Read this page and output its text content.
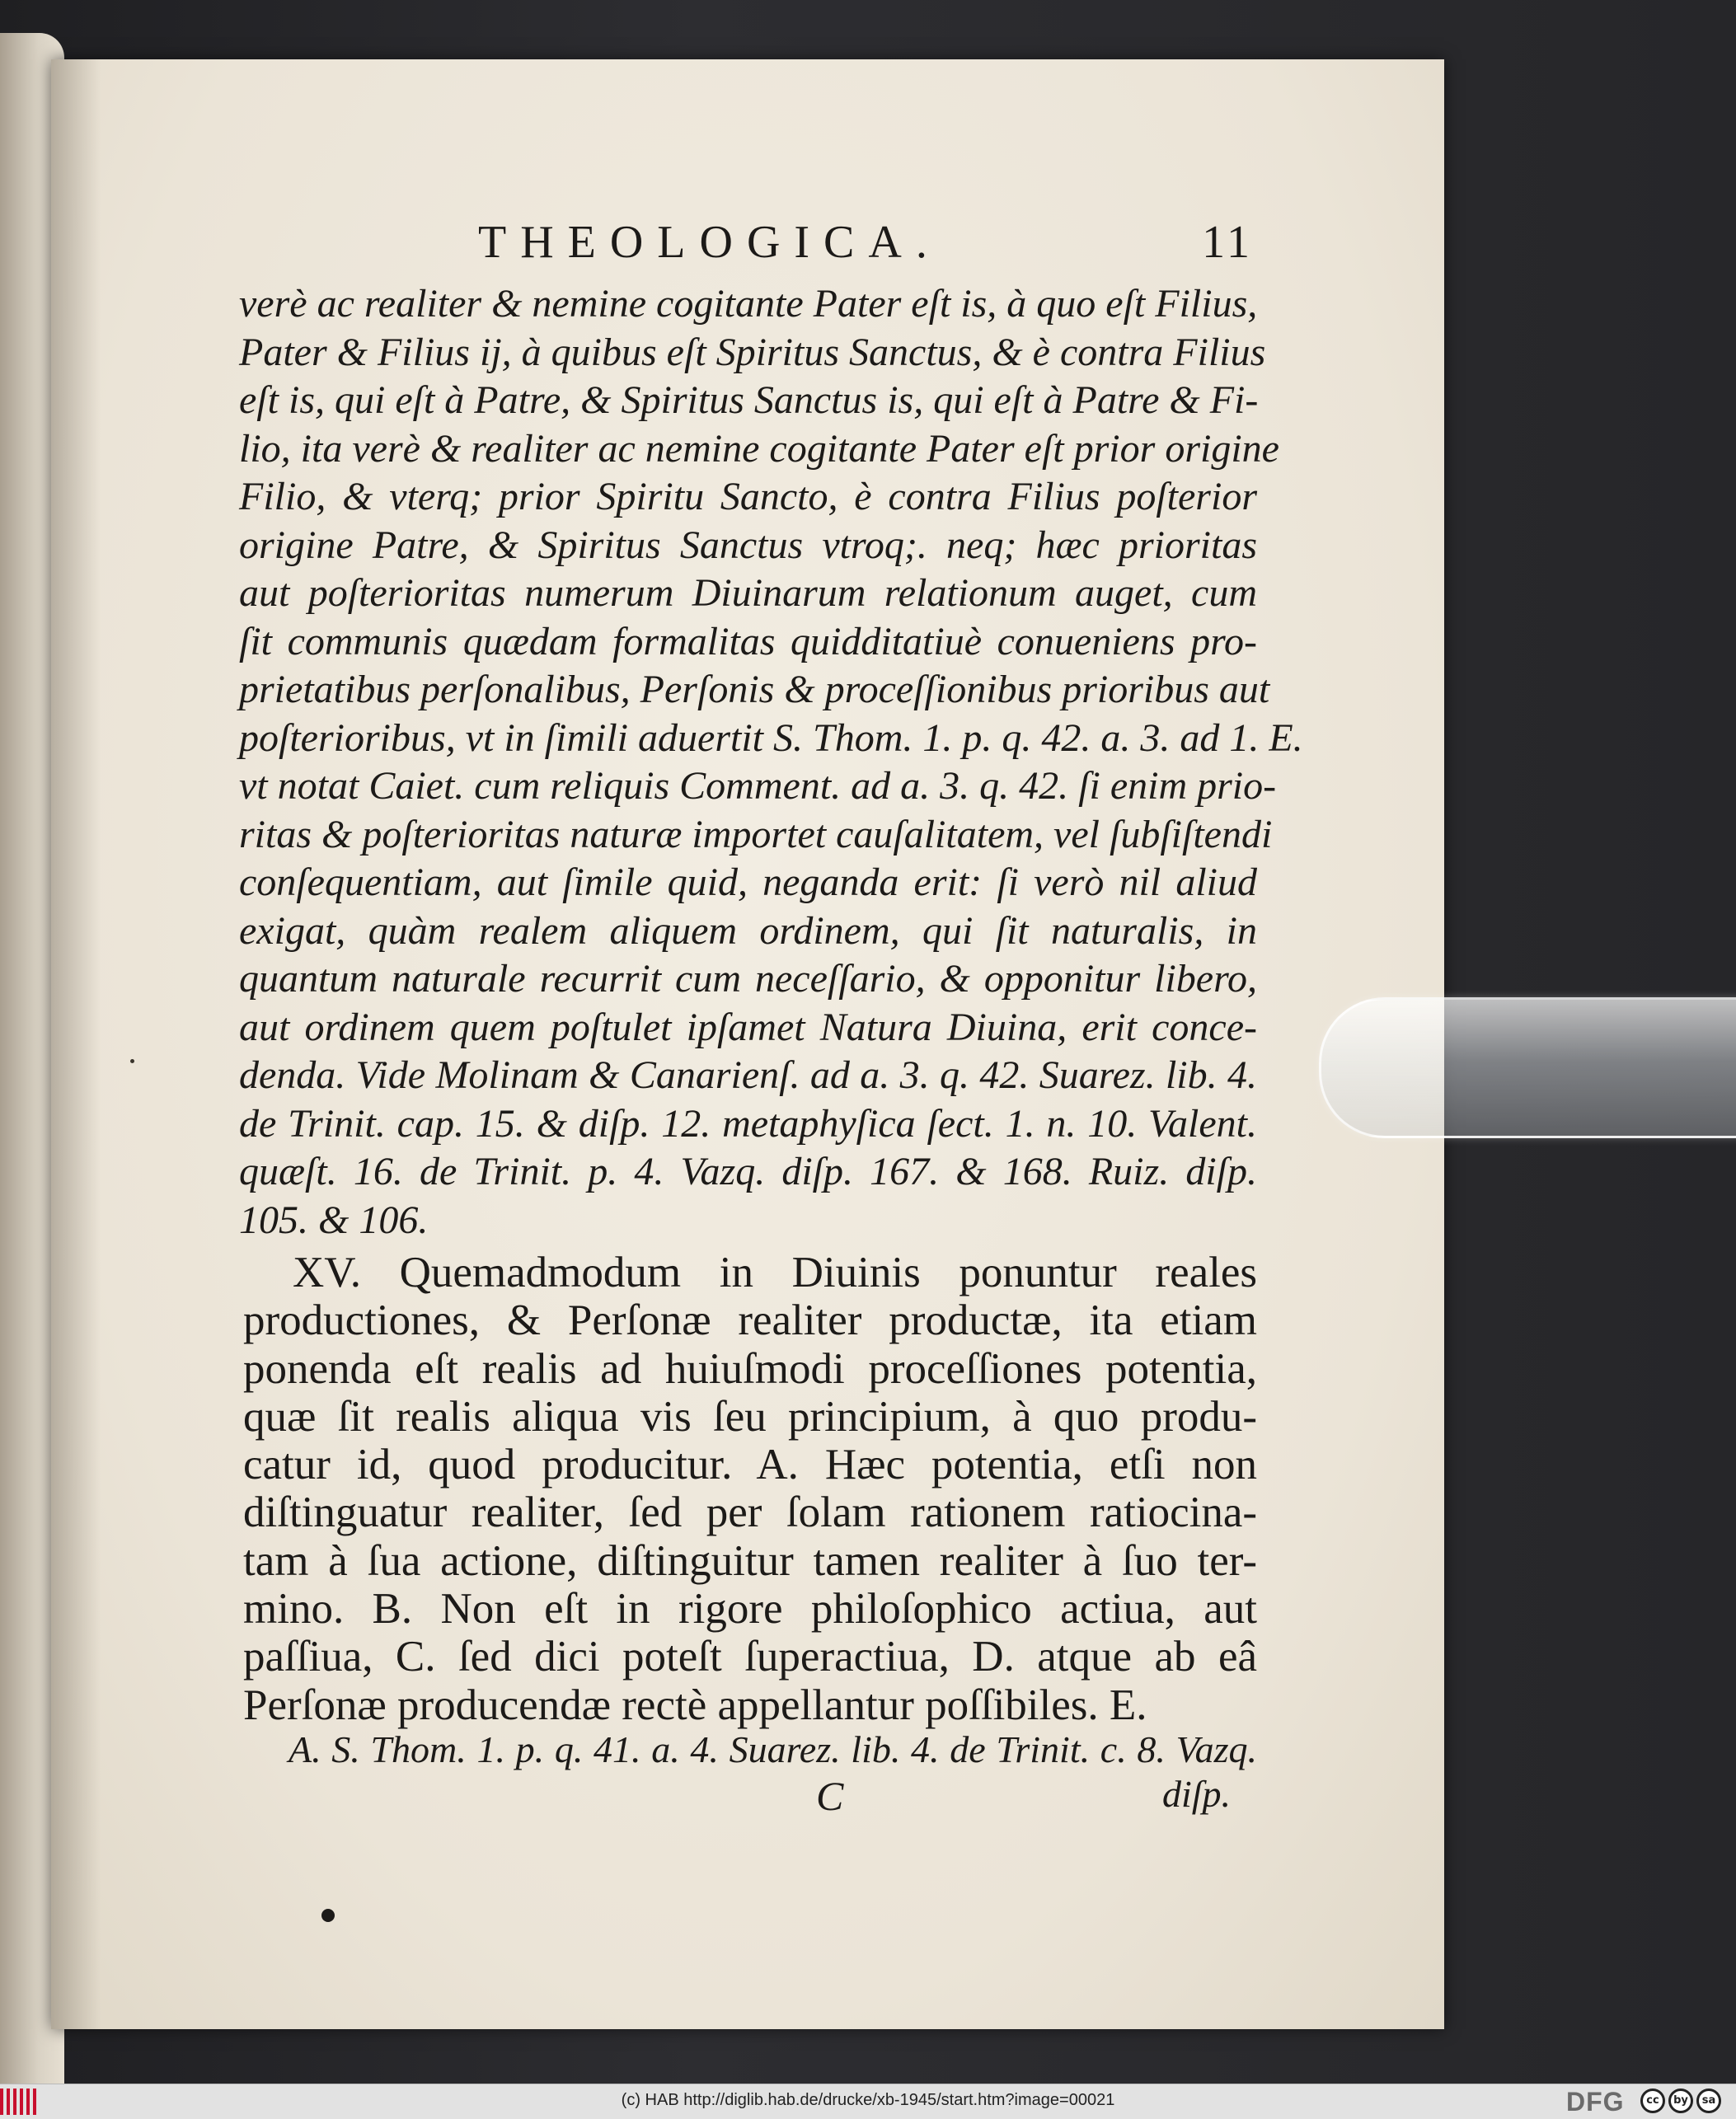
THEOLOGICA.	11
verè ac realiter & nemine cogitante Pater eſt is, à quo eſt Filius,
Pater & Filius ij, à quibus eſt Spiritus Sanctus, & è contra Filius
eſt is, qui eſt à Patre, & Spiritus Sanctus is, qui eſt à Patre & Fi-
lio, ita verè & realiter ac nemine cogitante Pater eſt prior origine
Filio, & vterq; prior Spiritu Sancto, è contra Filius poſterior
origine Patre, & Spiritus Sanctus vtroq;. neq; hæc prioritas
aut poſterioritas numerum Diuinarum relationum auget, cum
ſit communis quædam formalitas quidditatiuè conueniens pro-
prietatibus perſonalibus, Perſonis & proceſſionibus prioribus aut
poſterioribus, vt in ſimili aduertit S. Thom. 1. p. q. 42. a. 3. ad 1. E.
vt notat Caiet. cum reliquis Comment. ad a. 3. q. 42. ſi enim prio-
ritas & poſterioritas naturæ importet cauſalitatem, vel ſubſiſtendi
conſequentiam, aut ſimile quid, neganda erit: ſi verò nil aliud
exigat, quàm realem aliquem ordinem, qui ſit naturalis, in
quantum naturale recurrit cum neceſſario, & opponitur libero,
aut ordinem quem poſtulet ipſamet Natura Diuina, erit conce-
denda. Vide Molinam & Canarienſ. ad a. 3. q. 42. Suarez. lib. 4.
de Trinit. cap. 15. & diſp. 12. metaphyſica ſect. 1. n. 10. Valent.
quæſt. 16. de Trinit. p. 4. Vazq. diſp. 167. & 168. Ruiz. diſp.
105. & 106.
XV. Quemadmodum in Diuinis ponuntur reales
productiones, & Perſonæ realiter productæ, ita etiam
ponenda eſt realis ad huiuſmodi proceſſiones potentia,
quæ ſit realis aliqua vis ſeu principium, à quo produ-
catur id, quod producitur. A. Hæc potentia, etſi non
diſtinguatur realiter, ſed per ſolam rationem ratiocina-
tam à ſua actione, diſtinguitur tamen realiter à ſuo ter-
mino. B. Non eſt in rigore philoſophico actiua, aut
paſſiua, C. ſed dici poteſt ſuperactiua, D. atque ab eâ
Perſonæ producendæ rectè appellantur poſſibiles. E.
A. S. Thom. 1. p. q. 41. a. 4. Suarez. lib. 4. de Trinit. c. 8. Vazq.
C	diſp.
(c) HAB http://diglib.hab.de/drucke/xb-1945/start.htm?image=00021	DFG	cc	by	sa
